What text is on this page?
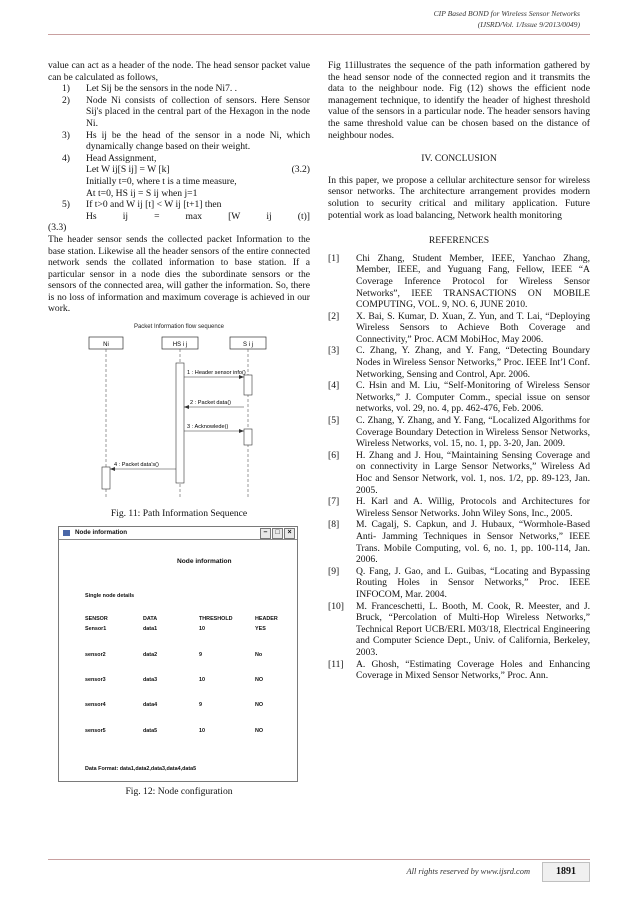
CIP Based BOND for Wireless Sensor Networks
(IJSRD/Vol. 1/Issue 9/2013/0049)

value can act as a header of the node. The head sensor packet value can be calculated as follows,

1) Let Sij be the sensors in the node Ni7. .
2) Node Ni consists of collection of sensors. Here Sensor Sij's placed in the central part of the Hexagon in the node Ni.
3) Hs ij be the head of the sensor in a node Ni, which dynamically change based on their weight.
4) Head Assignment,
Let W ij[S ij] = W [k]	(3.2)
Initially t=0, where t is a time measure,
At t=0, HS ij = S ij when j=1
5) If t>0 and W ij [t] < W ij [t+1] then
Hs	ij	=	max	[W	ij	(t)]
(3.3)

The header sensor sends the collected packet Information to the base station. Likewise all the header sensors of the entire connected network sends the collated information to base station. If a particular sensor in a node dies the subordinate sensors or the sensors of the connected area, will gather the information. So, there is no loss of information and maximum coverage is achieved in our work.

Packet Information flow sequence
Ni	HS i j	S i j
1 : Header sensor info()
2 : Packet data()
3 : Acknowlede()
4 : Packet data's()
Fig. 11: Path Information Sequence
Node information	–	□	×
Node information
Single node details
SENSOR	DATA	THRESHOLD	HEADER
Sensor1	data1	10	YES
sensor2	data2	9	No
sensor3	data3	10	NO
sensor4	data4	9	NO
sensor5	data5	10	NO
Data Format: data1,data2,data3,data4,data5
Fig. 12: Node configuration

Fig 11illustrates the sequence of the path information gathered by the head sensor node of the connected region and it transmits the data to the neighbour node. Fig (12) shows the efficient node management technique, to identify the header of highest threshold value of the sensors in a particular node. The header sensors having the same threshold value can be chosen based on the distance of neighbour nodes.

IV. CONCLUSION

In this paper, we propose a cellular architecture sensor for wireless sensor networks. The architecture arrangement provides modern solution to security critical and military application. Future potential work as load balancing, Network health monitoring

REFERENCES
[1] Chi Zhang, Student Member, IEEE, Yanchao Zhang, Member, IEEE, and Yuguang Fang, Fellow, IEEE “A Coverage Inference Protocol for Wireless Sensor Networks”, IEEE TRANSACTIONS ON MOBILE COMPUTING, VOL. 9, NO. 6, JUNE 2010.
[2] X. Bai, S. Kumar, D. Xuan, Z. Yun, and T. Lai, “Deploying Wireless Sensors to Achieve Both Coverage and Connectivity,” Proc. ACM MobiHoc, May 2006.
[3] C. Zhang, Y. Zhang, and Y. Fang, “Detecting Boundary Nodes in Wireless Sensor Networks,” Proc. IEEE Int’l Conf. Networking, Sensing and Control, Apr. 2006.
[4] C. Hsin and M. Liu, “Self-Monitoring of Wireless Sensor Networks,” J. Computer Comm., special issue on sensor networks, vol. 29, no. 4, pp. 462-476, Feb. 2006.
[5] C. Zhang, Y. Zhang, and Y. Fang, “Localized Algorithms for Coverage Boundary Detection in Wireless Sensor Networks, Wireless Networks, vol. 15, no. 1, pp. 3-20, Jan. 2009.
[6] H. Zhang and J. Hou, “Maintaining Sensing Coverage and on connectivity in Large Sensor Networks,” Wireless Ad Hoc and Sensor Network, vol. 1, nos. 1/2, pp. 89-123, Jan. 2005.
[7] H. Karl and A. Willig, Protocols and Architectures for Wireless Sensor Networks. John Wiley Sons, Inc., 2005.
[8] M. Cagalj, S. Capkun, and J. Hubaux, “Wormhole-Based Anti- Jamming Techniques in Sensor Networks,” IEEE Trans. Mobile Computing, vol. 6, no. 1, pp. 100-114, Jan. 2006.
[9] Q. Fang, J. Gao, and L. Guibas, “Locating and Bypassing Routing Holes in Sensor Networks,” Proc. IEEE INFOCOM, Mar. 2004.
[10] M. Franceschetti, L. Booth, M. Cook, R. Meester, and J. Bruck, “Percolation of Multi-Hop Wireless Networks,” Technical Report UCB/ERL M03/18, Electrical Engineering and Computer Science Dept., Univ. of California, Berkeley, 2003.
[11] A. Ghosh, “Estimating Coverage Holes and Enhancing Coverage in Mixed Sensor Networks,” Proc. Ann.
All rights reserved by www.ijsrd.com	1891
